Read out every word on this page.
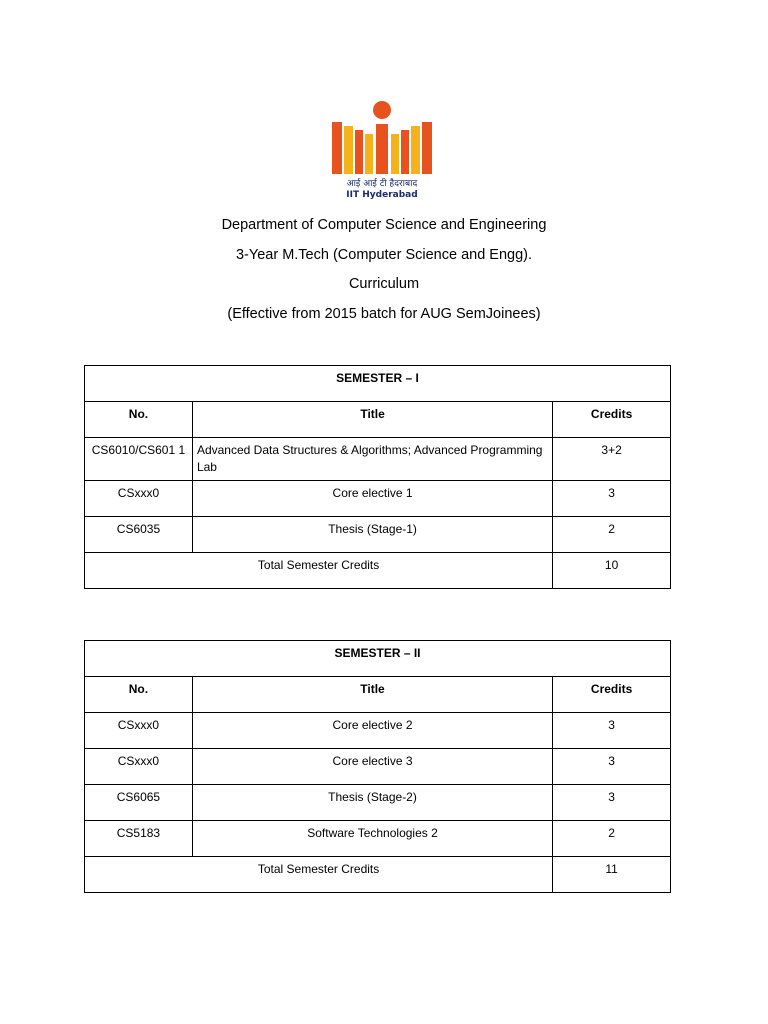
आई आई टी हैदराबाद
IIT Hyderabad
Department of Computer Science and Engineering
3-Year M.Tech (Computer Science and Engg).
Curriculum
(Effective from 2015 batch for AUG SemJoinees)
SEMESTER – I		
No.	Title	Credits
CS6010/CS601 1	Advanced Data Structures & Algorithms; Advanced Programming Lab	3+2
CSxxx0	Core elective 1	3
CS6035	Thesis (Stage-1)	2
Total Semester Credits		10
SEMESTER – II		
No.	Title	Credits
CSxxx0	Core elective 2	3
CSxxx0	Core elective 3	3
CS6065	Thesis (Stage-2)	3
CS5183	Software Technologies 2	2
Total Semester Credits		11
